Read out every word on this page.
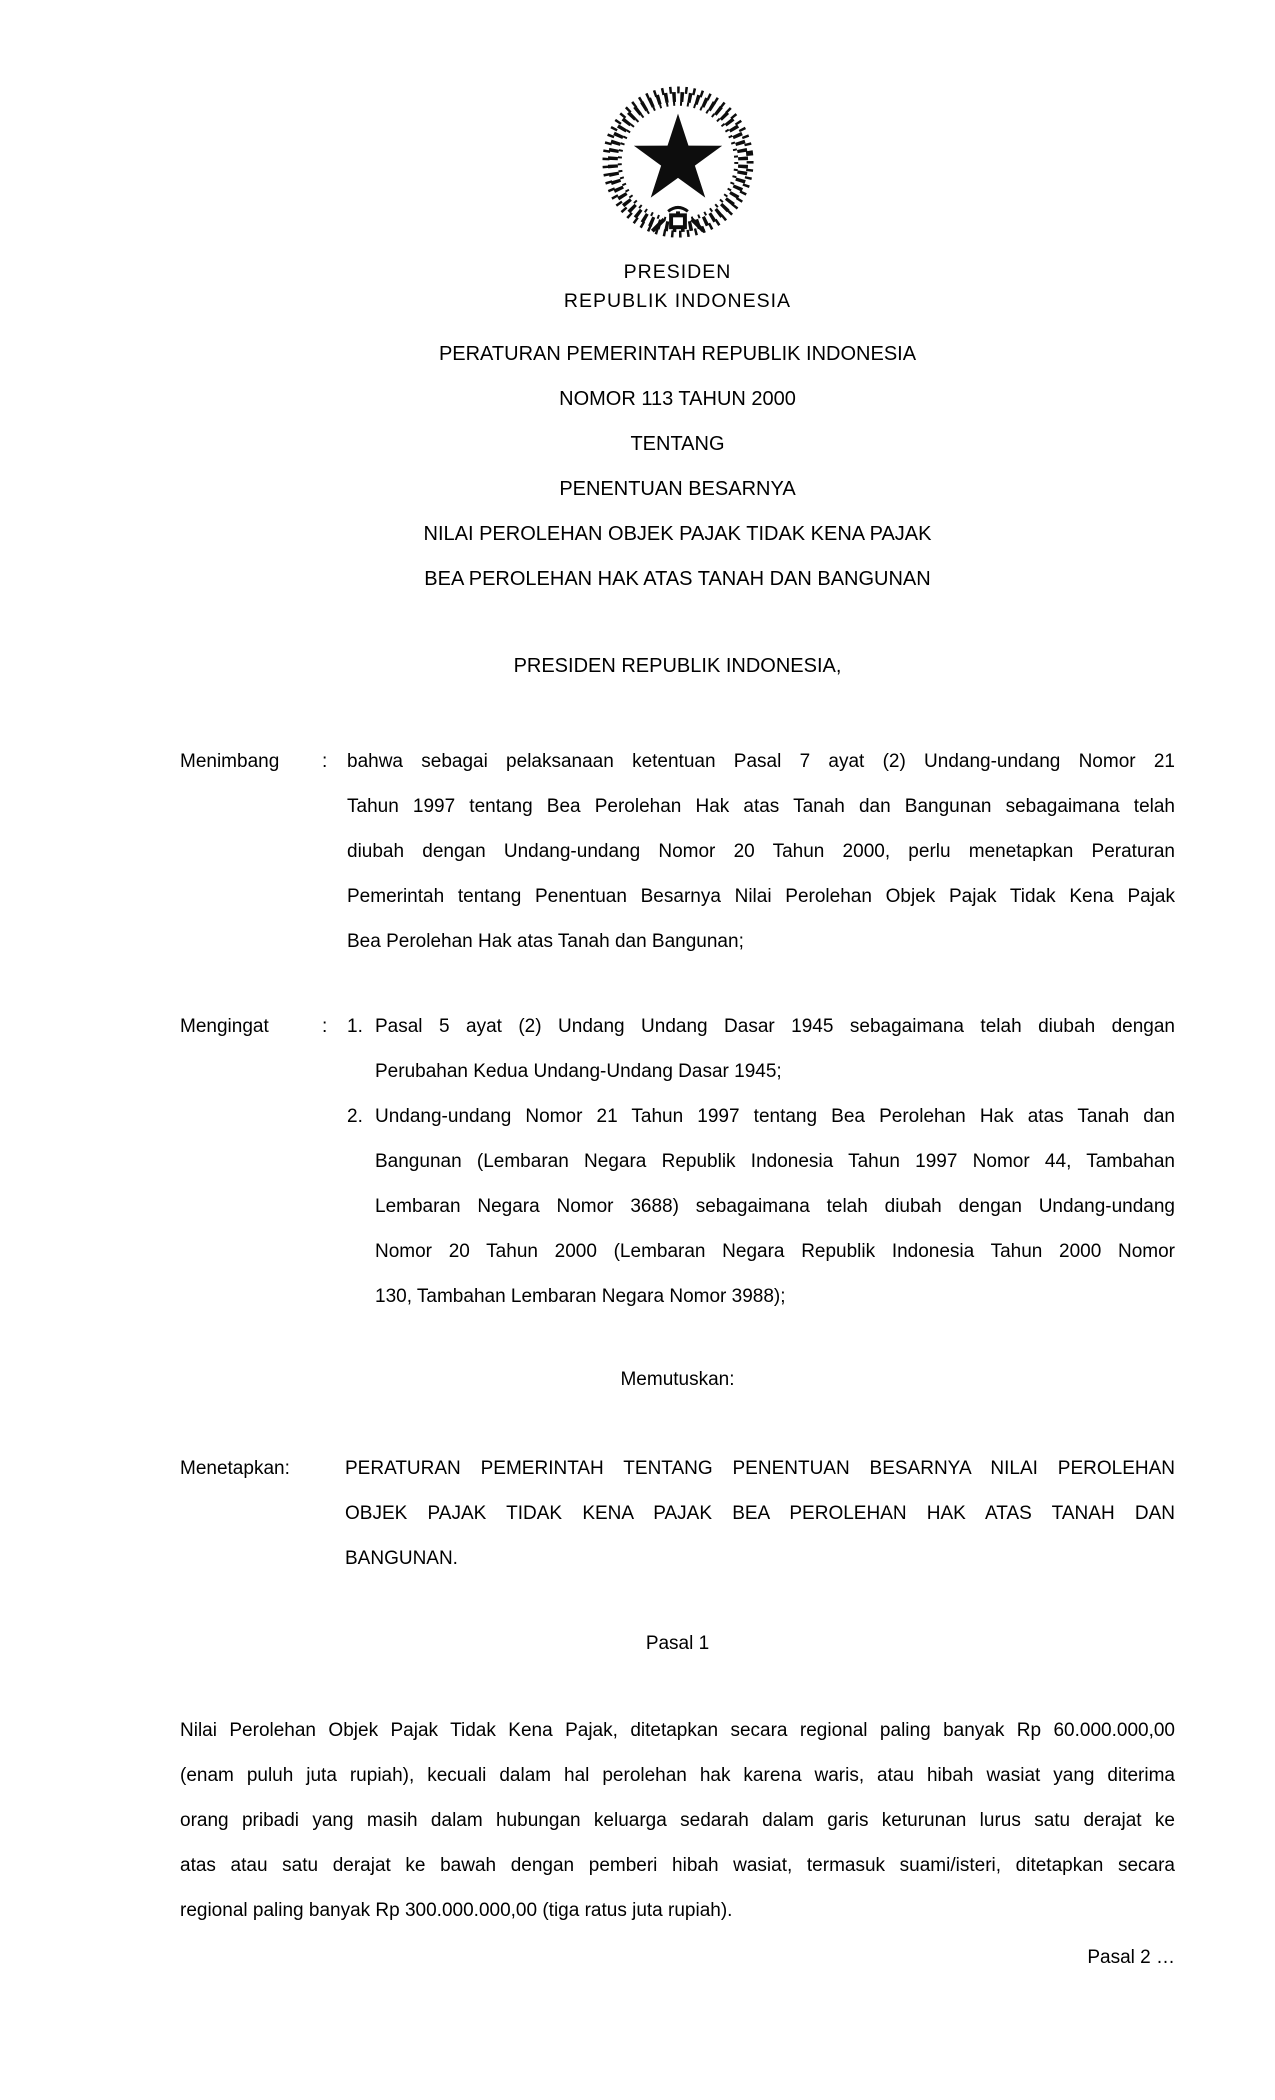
PRESIDEN
REPUBLIK INDONESIA
PERATURAN PEMERINTAH REPUBLIK INDONESIA
NOMOR 113 TAHUN 2000
TENTANG
PENENTUAN BESARNYA
NILAI PEROLEHAN OBJEK PAJAK TIDAK KENA PAJAK
BEA PEROLEHAN HAK ATAS TANAH DAN BANGUNAN
PRESIDEN REPUBLIK INDONESIA,
Menimbang : bahwa sebagai pelaksanaan ketentuan Pasal 7 ayat (2) Undang-undang Nomor 21
Tahun 1997 tentang Bea Perolehan Hak atas Tanah dan Bangunan sebagaimana telah
diubah dengan Undang-undang Nomor 20 Tahun 2000, perlu menetapkan Peraturan
Pemerintah tentang Penentuan Besarnya Nilai Perolehan Objek Pajak Tidak Kena Pajak
Bea Perolehan Hak atas Tanah dan Bangunan;
Mengingat	: 1. Pasal 5 ayat (2) Undang Undang Dasar 1945 sebagaimana telah diubah dengan
Perubahan Kedua Undang-Undang Dasar 1945;
2. Undang-undang Nomor 21 Tahun 1997 tentang Bea Perolehan Hak atas Tanah dan
Bangunan (Lembaran Negara Republik Indonesia Tahun 1997 Nomor 44, Tambahan
Lembaran Negara Nomor 3688) sebagaimana telah diubah dengan Undang-undang
Nomor 20 Tahun 2000 (Lembaran Negara Republik Indonesia Tahun 2000 Nomor
130, Tambahan Lembaran Negara Nomor 3988);
Memutuskan:
Menetapkan:	PERATURAN PEMERINTAH TENTANG PENENTUAN BESARNYA NILAI PEROLEHAN
OBJEK PAJAK TIDAK KENA PAJAK BEA PEROLEHAN HAK ATAS TANAH DAN
BANGUNAN.
Pasal 1
Nilai Perolehan Objek Pajak Tidak Kena Pajak, ditetapkan secara regional paling banyak Rp 60.000.000,00
(enam puluh juta rupiah), kecuali dalam hal perolehan hak karena waris, atau hibah wasiat yang diterima
orang pribadi yang masih dalam hubungan keluarga sedarah dalam garis keturunan lurus satu derajat ke
atas atau satu derajat ke bawah dengan pemberi hibah wasiat, termasuk suami/isteri, ditetapkan secara
regional paling banyak Rp 300.000.000,00 (tiga ratus juta rupiah).
Pasal 2 …
